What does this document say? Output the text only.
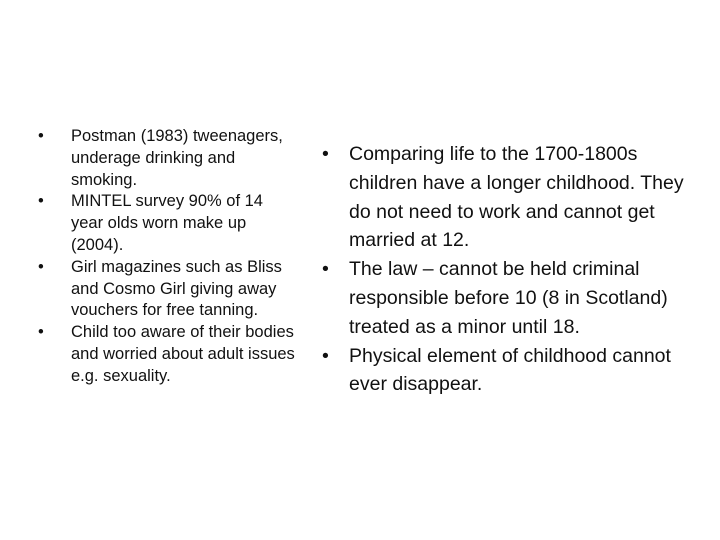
• Postman (1983) tweenagers, underage drinking and smoking.
• MINTEL survey 90% of 14 year olds worn make up (2004).
• Girl magazines such as Bliss and Cosmo Girl giving away vouchers for free tanning.
• Child too aware of their bodies and worried about adult issues e.g. sexuality.
• Comparing life to the 1700-1800s children have a longer childhood. They do not need to work and cannot get married at 12.
• The law – cannot be held criminal responsible before 10 (8 in Scotland) treated as a minor until 18.
• Physical element of childhood cannot ever disappear.
